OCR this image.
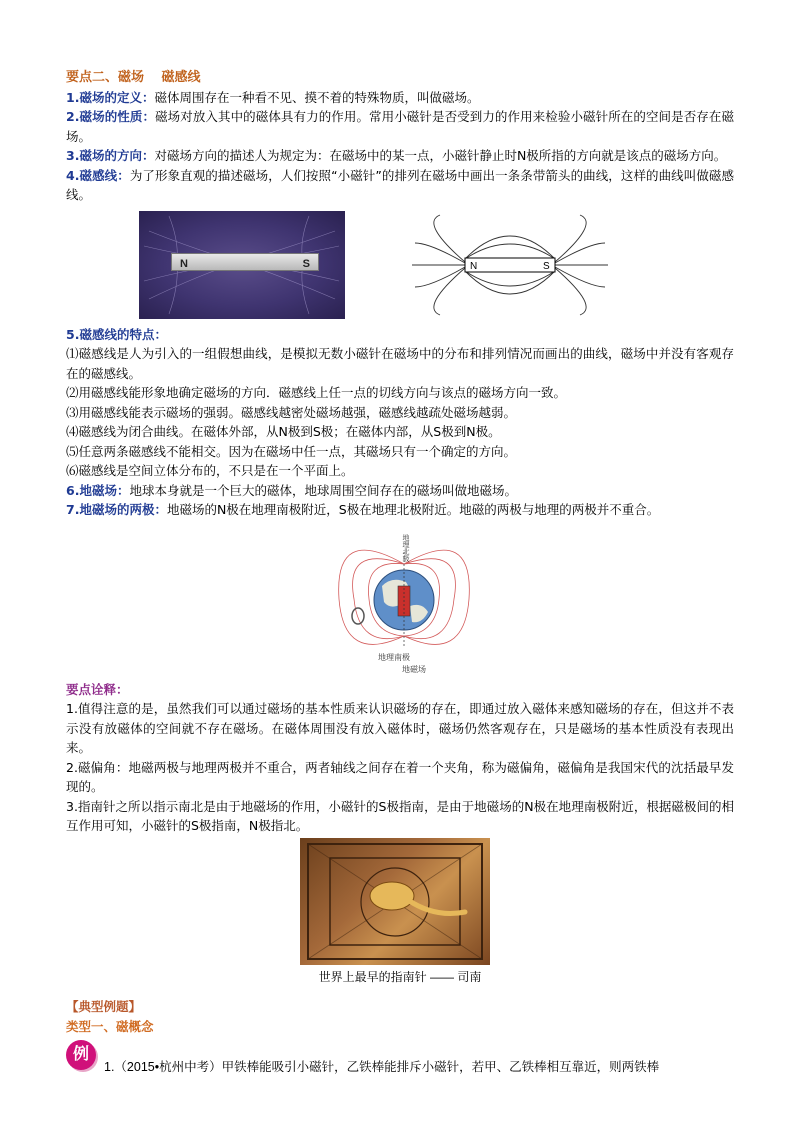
要点二、磁场　 磁感线
1.磁场的定义：磁体周围存在一种看不见、摸不着的特殊物质，叫做磁场。
2.磁场的性质：磁场对放入其中的磁体具有力的作用。常用小磁针是否受到力的作用来检验小磁针所在的空间是否存在磁场。
3.磁场的方向：对磁场方向的描述人为规定为：在磁场中的某一点，小磁针静止时N极所指的方向就是该点的磁场方向。
4.磁感线：为了形象直观的描述磁场，人们按照“小磁针”的排列在磁场中画出一条条带箭头的曲线，这样的曲线叫做磁感线。
N	S	N	S
5.磁感线的特点：
⑴磁感线是人为引入的一组假想曲线，是模拟无数小磁针在磁场中的分布和排列情况而画出的曲线，磁场中并没有客观存在的磁感线。
⑵用磁感线能形象地确定磁场的方向．磁感线上任一点的切线方向与该点的磁场方向一致。
⑶用磁感线能表示磁场的强弱。磁感线越密处磁场越强，磁感线越疏处磁场越弱。
⑷磁感线为闭合曲线。在磁体外部，从N极到S极；在磁体内部，从S极到N极。
⑸任意两条磁感线不能相交。因为在磁场中任一点，其磁场只有一个确定的方向。
⑹磁感线是空间立体分布的，不只是在一个平面上。
6.地磁场：地球本身就是一个巨大的磁体，地球周围空间存在的磁场叫做地磁场。
7.地磁场的两极：地磁场的N极在地理南极附近，S极在地理北极附近。地磁的两极与地理的两极并不重合。
地理北极
地理南极
地磁场
要点诠释：
1.值得注意的是，虽然我们可以通过磁场的基本性质来认识磁场的存在，即通过放入磁体来感知磁场的存在，但这并不表示没有放磁体的空间就不存在磁场。在磁体周围没有放入磁体时，磁场仍然客观存在，只是磁场的基本性质没有表现出来。
2.磁偏角：地磁两极与地理两极并不重合，两者轴线之间存在着一个夹角，称为磁偏角，磁偏角是我国宋代的沈括最早发现的。
3.指南针之所以指示南北是由于地磁场的作用，小磁针的S极指南，是由于地磁场的N极在地理南极附近，根据磁极间的相互作用可知，小磁针的S极指南，N极指北。
世界上最早的指南针 —— 司南
【典型例题】
类型一、磁概念
例
1.（2015•杭州中考）甲铁棒能吸引小磁针，乙铁棒能排斥小磁针，若甲、乙铁棒相互靠近，则两铁棒
